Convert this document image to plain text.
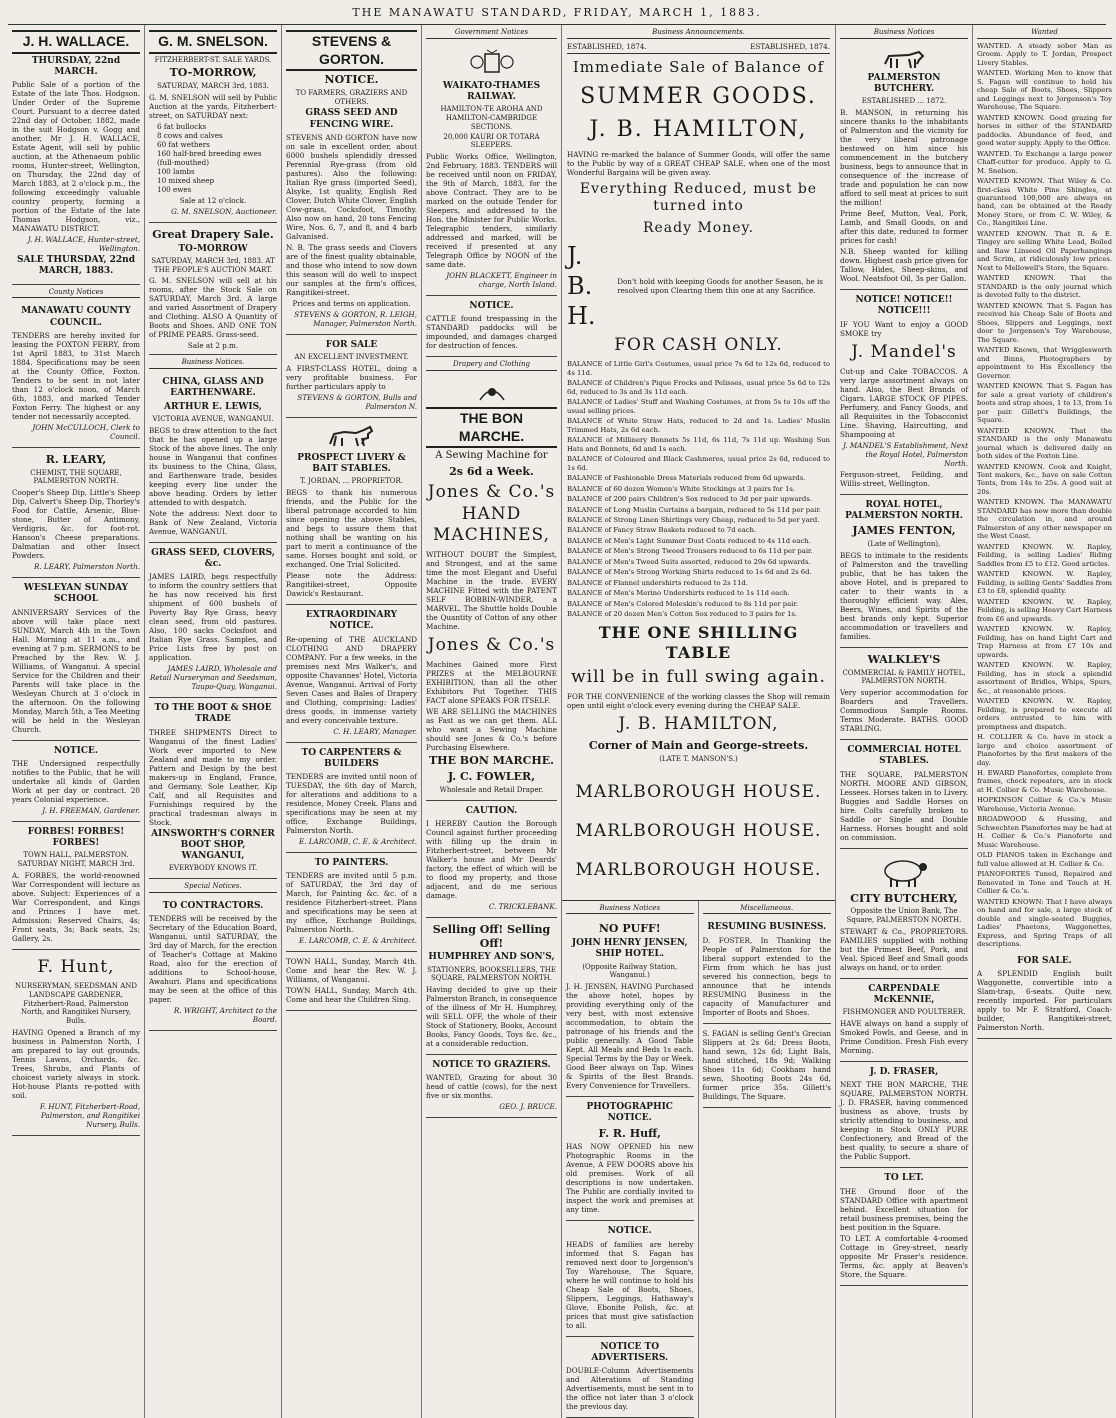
THE MANAWATU STANDARD, FRIDAY, MARCH 1, 1883.
J. H. WALLACE.
THURSDAY, 22nd MARCH.

Public Sale of a portion of the Estate of the late Thos. Hodgson. Under Order of the Supreme Court. Pursuant to a decree dated 22nd day of October, 1882, made in the suit Hodgson v. Gogg and another, Mr J. H. WALLACE, Estate Agent, will sell by public auction, at the Athenaeum public rooms, Hunter-street, Wellington, on Thursday, the 22nd day of March 1883, at 2 o'clock p.m., the following exceedingly valuable country property, forming a portion of the Estate of the late Thomas Hodgson, viz., MANAWATU DISTRICT.

J. H. WALLACE, Hunter-street, Wellington.
SALE THURSDAY, 22nd MARCH, 1883.
County Notices
MANAWATU COUNTY COUNCIL.

TENDERS are hereby invited for leasing the FOXTON FERRY, from 1st April 1883, to 31st March 1884. Specifications may be seen at the County Office, Foxton. Tenders to be sent in not later than 12 o'clock noon, of March 6th, 1883, and marked Tender Foxton Ferry. The highest or any tender not necessarily accepted.

JOHN McCULLOCH, Clerk to Council.
R. LEARY,
CHEMIST, THE SQUARE, PALMERSTON NORTH.

Cooper's Sheep Dip, Little's Sheep Dip, Calvert's Sheep Dip, Thorley's Food for Cattle, Arsenic, Blue-stone, Butter of Antimony, Verdigris, &c. for foot-rot. Hanson's Cheese preparations. Dalmatian and other Insect Powders.

R. LEARY, Palmerston North.
WESLEYAN SUNDAY SCHOOL

ANNIVERSARY Services of the above will take place next SUNDAY, March 4th in the Town Hall. Morning at 11 a.m., and evening at 7 p.m. SERMONS to be Preached by the Rev. W. J. Williams, of Wanganui. A special Service for the Children and their Parents will take place in the Wesleyan Church at 3 o'clock in the afternoon. On the following Monday, March 5th, a Tea Meeting will be held in the Wesleyan Church.

NOTICE.

THE Undersigned respectfully notifies to the Public, that he will undertake all kinds of Garden Work at per day or contract. 20 years Colonial experience.

J. H. FREEMAN, Gardener.
FORBES! FORBES! FORBES!
TOWN HALL, PALMERSTON. SATURDAY NIGHT, MARCH 3rd.

A. FORBES, the world-renowned War Correspondent will lecture as above. Subject: Experiences of a War Correspondent, and Kings and Princes I have met. Admission: Reserved Chairs, 4s; Front seats, 3s; Back seats, 2s; Gallery, 2s.

F. Hunt,
NURSERYMAN, SEEDSMAN AND LANDSCAPE GARDENER, Fitzherbert-Road, Palmerston North, and Rangitikei Nursery, Bulls.

HAVING Opened a Branch of my business in Palmerston North, I am prepared to lay out grounds, Tennis Lawns, Orchards, &c. Trees, Shrubs, and Plants of choicest variety always in stock. Hot-house Plants re-potted with soil.

F. HUNT, Fitzherbert-Road, Palmerston, and Rangitikei Nursery, Bulls.
G. M. SNELSON.
FITZHERBERT-ST. SALE YARDS.
TO-MORROW,
SATURDAY, MARCH 3rd, 1883.

G. M. SNELSON will sell by Public Auction at the yards, Fitzherbert-street, on SATURDAY next:

6 fat bullocks
8 cows and calves
60 fat wethers
160 half-bred breeding ewes (full-mouthed)
100 lambs
10 mixed sheep
100 ewes
Sale at 12 o'clock.
G. M. SNELSON, Auctioneer.
Great Drapery Sale.
TO-MORROW
SATURDAY, MARCH 3rd, 1883. AT THE PEOPLE'S AUCTION MART.

G. M. SNELSON will sell at his rooms, after the Stock Sale on SATURDAY, March 3rd. A large and varied Assortment of Drapery and Clothing. ALSO A Quantity of Boots and Shoes. AND ONE TON of PRIME PEARS. Grass-seed.

Sale at 2 p.m.
Business Notices.
CHINA, GLASS AND EARTHENWARE.
ARTHUR E. LEWIS,
VICTORIA AVENUE, WANGANUI.

BEGS to draw attention to the fact that he has opened up a large Stock of the above lines. The only house in Wanganui that confines its business to the China, Glass, and Earthenware trade, besides keeping every line under the above heading. Orders by letter attended to with despatch.

Note the address: Next door to Bank of New Zealand, Victoria Avenue, WANGANUI.

GRASS SEED, CLOVERS, &c.

JAMES LAIRD, begs respectfully to inform the country settlers that he has now received his first shipment of 600 bushels of Poverty Bay Rye Grass, heavy clean seed, from old pastures. Also, 100 sacks Cocksfoot and Italian Rye Grass. Samples, and Price Lists free by post on application.

JAMES LAIRD, Wholesale and Retail Nurseryman and Seedsman, Taupo-Quay, Wanganui.
TO THE BOOT & SHOE TRADE

THREE SHIPMENTS Direct to Wanganui of the finest Ladies' Work ever imported to New Zealand and made to my order. Pattern and Design by the best makers-up in England, France, and Germany. Sole Leather, Kip Calf, and all Requisites and Furnishings required by the practical tradesman always in Stock.

AINSWORTH'S CORNER BOOT SHOP, WANGANUI,
EVERYBODY KNOWS IT.
Special Notices.
TO CONTRACTORS.

TENDERS will be received by the Secretary of the Education Board, Wanganui, until SATURDAY, the 3rd day of March, for the erection of Teacher's Cottage at Makino Road, also for the erection of additions to School-house, Awahuri. Plans and specifications may be seen at the office of this paper.

R. WRIGHT, Architect to the Board.
STEVENS & GORTON.
NOTICE.
TO FARMERS, GRAZIERS AND OTHERS.
GRASS SEED AND FENCING WIRE.

STEVENS AND GORTON have now on sale in excellent order, about 6000 bushels splendidly dressed Perennial Rye-grass (from old pastures). Also the following: Italian Rye grass (imported Seed), Alsyke, 1st quality, English Red Clover, Dutch White Clover, English Cow-grass, Cocksfoot, Timothy. Also now on hand, 20 tons Fencing Wire, Nos. 6, 7, and 8, and 4 barb Galvanised.

N. B. The grass seeds and Clovers are of the finest quality obtainable, and those who intend to sow down this season will do well to inspect our samples at the firm's offices, Rangitikei-street.

Prices and terms on application.
STEVENS & GORTON, R. LEIGH, Manager, Palmerston North.
FOR SALE
AN EXCELLENT INVESTMENT.

A FIRST-CLASS HOTEL, doing a very profitable business. For further particulars apply to

STEVENS & GORTON, Bulls and Palmerston N.
PROSPECT LIVERY & BAIT STABLES.
T. JORDAN, ... PROPRIETOR.

BEGS to thank his numerous friends, and the Public for the liberal patronage accorded to him since opening the above Stables, and begs to assure them that nothing shall be wanting on his part to merit a continuance of the same. Horses bought and sold, or exchanged. One Trial Solicited.

Please note the Address: Rangitikei-street, Opposite Dawick's Restaurant.

EXTRAORDINARY NOTICE.

Re-opening of THE AUCKLAND CLOTHING AND DRAPERY COMPANY. For a few weeks, in the premises next Mrs Walker's, and opposite Chavannes' Hotel, Victoria Avenue, Wanganui. Arrival of Forty Seven Cases and Bales of Drapery and Clothing, comprising: Ladies' dress goods, in immense variety and every conceivable texture.

C. H. LEARY, Manager.
TO CARPENTERS & BUILDERS

TENDERS are invited until noon of TUESDAY, the 6th day of March, for alterations and additions to a residence, Money Creek. Plans and specifications may be seen at my office, Exchange Buildings, Palmerston North.

E. LARCOMB, C. E. & Architect.
TO PAINTERS.

TENDERS are invited until 5 p.m. of SATURDAY, the 3rd day of March, for Painting &c. &c. of a residence Fitzherbert-street. Plans and specifications may be seen at my office, Exchange Buildings, Palmerston North.

E. LARCOMB, C. E. & Architect.

TOWN HALL, Sunday, March 4th. Come and hear the Rev. W. J. Williams, of Wanganui.

TOWN HALL, Sunday, March 4th. Come and hear the Children Sing.

Government Notices
WAIKATO-THAMES RAILWAY.
HAMILTON-TE AROHA AND HAMILTON-CAMBRIDGE SECTIONS.
20,000 KAURI OR TOTARA SLEEPERS.

Public Works Office, Wellington, 2nd February, 1883. TENDERS will be received until noon on FRIDAY, the 9th of March, 1883, for the above Contract. They are to be marked on the outside Tender for Sleepers, and addressed to the Hon. the Minister for Public Works. Telegraphic tenders, similarly addressed and marked, will be received if presented at any Telegraph Office by NOON of the same date.

JOHN BLACKETT, Engineer in charge, North Island.
NOTICE.

CATTLE found trespassing in the STANDARD paddocks will be impounded, and damages charged for destruction of fences.

Drapery and Clothing
THE BON MARCHE.
A Sewing Machine for
2s 6d a Week.
Jones & Co.'s HAND MACHINES,

WITHOUT DOUBT the Simplest, and Strongest, and at the same time the most Elegant and Useful Machine in the trade. EVERY MACHINE Fitted with the PATENT SELF BOBBIN-WINDER, a MARVEL. The Shuttle holds Double the Quantity of Cotton of any other Machine.

Jones & Co.'s

Machines Gained more First PRIZES at the MELBOURNE EXHIBITION, than all the other Exhibitors Put Together. THIS FACT alone SPEAKS FOR ITSELF.

WE ARE SELLING the MACHINES as Fast as we can get them. ALL who want a Sewing Machine should see Jones & Co.'s before Purchasing Elsewhere.

THE BON MARCHE.
J. C. FOWLER,
Wholesale and Retail Draper.
CAUTION.

I HEREBY Caution the Borough Council against further proceeding with filling up the drain in Fitzherbert-street, between Mr Walker's house and Mr Deards' factory, the effect of which will be to flood my property, and those adjacent, and do me serious damage.

C. TRICKLEBANK.
Selling Off! Selling Off!
HUMPHREY AND SON'S,
STATIONERS, BOOKSELLERS, THE SQUARE, PALMERSTON NORTH.

Having decided to give up their Palmerston Branch, in consequence of the illness of Mr H. Humphrey, will SELL OFF, the whole of their Stock of Stationery, Books, Account Books, Fancy Goods, Toys &c. &c., at a considerable reduction.

NOTICE TO GRAZIERS.

WANTED, Grazing for about 30 head of cattle (cows), for the next five or six months.

GEO. J. BRUCE.
Business Announcements.
ESTABLISHED, 1874.	ESTABLISHED, 1874.
Immediate Sale of Balance of
SUMMER GOODS.
J. B. HAMILTON,

HAVING re-marked the balance of Summer Goods, will offer the same to the Public by way of a GREAT CHEAP SALE, when one of the most Wonderful Bargains will be given away.

Everything Reduced, must be turned into
Ready Money.
J. B. H.
Don't hold with keeping Goods for another Season, he is resolved upon Clearing them this one at any Sacrifice.
FOR CASH ONLY.

BALANCE of Little Girl's Costumes, usual price 7s 6d to 12s 6d, reduced to 4s 11d.

BALANCE of Children's Pique Frocks and Pelisses, usual price 5s 6d to 12s 6d, reduced to 3s and 3s 11d each.

BALANCE of Ladies' Stuff and Washing Costumes, at from 5s to 10s off the usual selling prices.

BALANCE of White Straw Hats, reduced to 2d and 1s. Ladies' Muslin Trimmed Hats, 2s 6d each.

BALANCE of Millinery Bonnets 5s 11d, 6s 11d, 7s 11d up. Washing Sun Hats and Bonnets, 6d and 1s each.

BALANCE of Coloured and Black Cashmeres, usual price 2s 6d, reduced to 1s 6d.

BALANCE of Fashionable Dress Materials reduced from 6d upwards.

BALANCE of 60 dozen Women's White Stockings at 3 pairs for 1s.

BALANCE of 200 pairs Children's Sox reduced to 3d per pair upwards.

BALANCE of Long Muslin Curtains a bargain, reduced to 5s 11d per pair.

BALANCE of Strong Linen Shirtings very Cheap, reduced to 5d per yard.

BALANCE of Fancy Straw Baskets reduced to 7d each.

BALANCE of Men's Light Summer Dust Coats reduced to 4s 11d each.

BALANCE of Men's Strong Tweed Trousers reduced to 6s 11d per pair.

BALANCE of Men's Tweed Suits assorted, reduced to 29s 6d upwards.

BALANCE of Men's Strong Working Shirts reduced to 1s 6d and 2s 6d.

BALANCE of Flannel undershirts reduced to 2s 11d.

BALANCE of Men's Merino Undershirts reduced to 1s 11d each.

BALANCE of Men's Colored Moleskin's reduced to 8s 11d per pair.

BALANCE of 20 dozen Men's Cotton Sox reduced to 3 pairs for 1s.

THE ONE SHILLING TABLE
will be in full swing again.

FOR THE CONVENIENCE of the working classes the Shop will remain open until eight o'clock every evening during the CHEAP SALE.

J. B. HAMILTON,
Corner of Main and George-streets.
(LATE T. MANSON'S.)
MARLBOROUGH HOUSE.
MARLBOROUGH HOUSE.
MARLBOROUGH HOUSE.
Business Notices
NO PUFF!
JOHN HENRY JENSEN, SHIP HOTEL.
(Opposite Railway Station, Wanganui.)

J. H. JENSEN, HAVING Purchased the above hotel, hopes by providing everything only of the very best, with most extensive accommodation, to obtain the patronage of his friends and the public generally. A Good Table Kept. All Meals and Beds 1s each. Special Terms by the Day or Week. Good Beer always on Tap. Wines & Spirits of the Best Brands. Every Convenience for Travellers.

PHOTOGRAPHIC NOTICE.
F. R. Huff,

HAS NOW OPENED his new Photographic Rooms in the Avenue, A FEW DOORS above his old premises. Work of all descriptions is now undertaken. The Public are cordially invited to inspect the work and premises at any time.

NOTICE.

HEADS of families are hereby informed that S. Fagan has removed next door to Jorgenson's Toy Warehouse, The Square, where he will continue to hold his Cheap Sale of Boots, Shoes, Slippers, Leggings, Hathaway's Glove, Ebonite Polish, &c. at prices that must give satisfaction to all.

NOTICE TO ADVERTISERS.

DOUBLE-Column Advertisements and Alterations of Standing Advertisements, must be sent in to the office not later than 3 o'clock the previous day.

Miscellaneous.
RESUMING BUSINESS.

D. FOSTER, In Thanking the People of Palmerston for the liberal support extended to the Firm from which he has just severed his connection, begs to announce that he intends RESUMING Business in the capacity of Manufacturer and Importer of Boots and Shoes.

S. FAGAN is selling Gent's Grecian Slippers at 2s 6d; Dress Boots, hand sewn, 12s 6d; Light Bals, hand stitched, 18s 9d; Walking Shoes 11s 6d; Cookham hand sewn, Shooting Boots 24s 6d, former price 35s. Gillett's Buildings, The Square.

Business Notices
PALMERSTON BUTCHERY.
ESTABLISHED ... 1872.

B. MANSON, in returning his sincere thanks to the inhabitants of Palmerston and the vicinity for the very liberal patronage bestowed on him since his commencement in the butchery business, begs to announce that in consequence of the increase of trade and population he can now afford to sell meat at prices to suit the million!

Prime Beef, Mutton, Veal, Pork, Lamb, and Small Goods, on and after this date, reduced to former prices for cash!

N.B. Sheep wanted for killing down. Highest cash price given for Tallow, Hides, Sheep-skins, and Wool. Neatsfoot Oil, 3s per Gallon.

NOTICE! NOTICE!! NOTICE!!!

IF YOU Want to enjoy a GOOD SMOKE try

J. Mandel's

Cut-up and Cake TOBACCOS. A very large assortment always on hand. Also, the Best Brands of Cigars. LARGE STOCK OF PIPES. Perfumery, and Fancy Goods, and all Requisites in the Tobacconist Line. Shaving, Haircutting, and Shampooing at

J. MANDEL'S Establishment, Next the Royal Hotel, Palmerston North.

Ferguson-street, Feilding, and Willis-street, Wellington.

ROYAL HOTEL, PALMERSTON NORTH.
JAMES FENTON,
(Late of Wellington),

BEGS to intimate to the residents of Palmerston and the travelling public, that he has taken the above Hotel, and is prepared to cater to their wants in a thoroughly efficient way. Ales, Beers, Wines, and Spirits of the best brands only kept. Superior accommodation or travellers and families.

WALKLEY'S
COMMERCIAL & FAMILY HOTEL, PALMERSTON NORTH.

Very superior accommodation for Boarders and Travellers. Commodious Sample Rooms. Terms Moderate. BATHS. GOOD STABLING.

COMMERCIAL HOTEL STABLES.

THE SQUARE, PALMERSTON NORTH. MOORE AND GIBSON, Lessees. Horses taken in to Livery. Buggies and Saddle Horses on hire. Colts carefully broken to Saddle or Single and Double Harness. Horses bought and sold on commission.

CITY BUTCHERY,
Opposite the Union Bank, The Square, PALMERSTON NORTH.

STEWART & Co., PROPRIETORS. FAMILIES supplied with nothing but the Primest Beef, Pork, and Veal. Spiced Beef and Small goods always on hand, or to order.

CARPENDALE McKENNIE,
FISHMONGER AND POULTERER.

HAVE always on hand a supply of Smoked Fowls, and Geese, and in Prime Condition. Fresh Fish every Morning.

J. D. FRASER,

NEXT THE BON MARCHE, THE SQUARE, PALMERSTON NORTH. J. D. FRASER, having commenced business as above, trusts by strictly attending to business, and keeping in Stock ONLY PURE Confectionery, and Bread of the best quality, to secure a share of the Public Support.

TO LET.

THE Ground floor of the STANDARD Office with apartment behind. Excellent situation for retail business premises, being the best position in the Square.

TO LET. A comfortable 4-roomed Cottage in Grey-street, nearly opposite Mr Fraser's residence. Terms, &c. apply at Beaven's Store, the Square.

Wanted

WANTED. A steady sober Man as Groom. Apply to T. Jordan, Prospect Livery Stables.

WANTED. Working Men to know that S. Fagan will continue to hold his cheap Sale of Boots, Shoes, Slippers and Leggings next to Jorgenson's Toy Warehouse, The Square.

WANTED KNOWN. Good grazing for horses in either of the STANDARD paddocks. Abundance of feed, and good water supply. Apply to the Office.

WANTED. To Exchange a large power Chaff-cutter for produce. Apply to G. M. Snelson.

WANTED KNOWN. That Wiley & Co. first-class White Pine Shingles, at guaranteed 100,000 are always on hand, can be obtained at the Ready Money Store, or from C. W. Wiley, & Co., Rangitikei Line.

WANTED KNOWN. That R. & E. Tingey are selling White Lead, Boiled and Raw Linseed Oil Paperhangings and Scrim, at ridiculously low prices. Next to Mellowell's Store, the Square.

WANTED KNOWN. That the STANDARD is the only journal which is devoted fully to the district.

WANTED KNOWN. That S. Fagan has received his Cheap Sale of Boots and Shoes, Slippers and Leggings, next door to Jorgensen's Toy Warehouse, The Square.

WANTED Known, that Wrigglesworth and Binns, Photographers by appointment to His Excellency the Governor.

WANTED KNOWN. That S. Fagan has for sale a great variety of children's boots and strap shoes, 1 to 13, from 1s per pair. Gillett's Buildings, the Square.

WANTED KNOWN. That the STANDARD is the only Manawatu journal which is delivered daily on both sides of the Foxton Line.

WANTED KNOWN. Cook and Knight, Tent makers, &c., have on sale Cotton Tents, from 14s to 25s. A good suit at 20s.

WANTED KNOWN. The MANAWATU STANDARD has now more than double the circulation in, and around Palmerston of any other newspaper on the West Coast.

WANTED KNOWN. W. Rapley, Feilding, is selling Ladies' Riding Saddles from £5 to £12. Good articles.

WANTED KNOWN. W. Rapley, Feilding, is selling Gents' Saddles from £3 to £8, splendid quality.

WANTED KNOWN. W. Rapley, Feilding, is selling Heavy Cart Harness from £6 and upwards.

WANTED KNOWN. W. Rapley, Feilding, has on hand Light Cart and Trap Harness at from £7 10s and upwards.

WANTED KNOWN. W. Rapley, Feilding, has in stock a splendid assortment of Bridles, Whips, Spurs, &c., at reasonable prices.

WANTED KNOWN. W. Rapley, Feilding, is prepared to execute all orders entrusted to him with promptness and dispatch.

H. COLLIER & Co. have in stock a large and choice assortment of Pianofortes by the first makers of the day.

H. EWARD Pianofortes, complete from frames, check repeaters, are in stock at H. Collier & Co. Music Warehouse.

HOPKINSON Collier & Co.'s Music Warehouse, Victoria Avenue.

BROADWOOD & Hussing, and Schwechten Pianofortes may be had at H. Collier & Co.'s Pianoforte and Music Warehouse.

OLD PIANOS taken in Exchange and full value allowed at H. Collier & Co.

PIANOFORTES Tuned, Repaired and Renovated in Tone and Touch at H. Collier & Co.'s.

WANTED KNOWN: That I have always on hand and for sale, a large stock of double and single-seated Buggies, Ladies' Phaetons, Waggonettes, Express, and Spring Traps of all descriptions.

FOR SALE.

A SPLENDID English built Waggonette, convertible into a Slam-trap, 6-seats. Quite new, recently imported. For particulars apply to Mr F. Stratford, Coach-builder, Rangitikei-street, Palmerston North.
